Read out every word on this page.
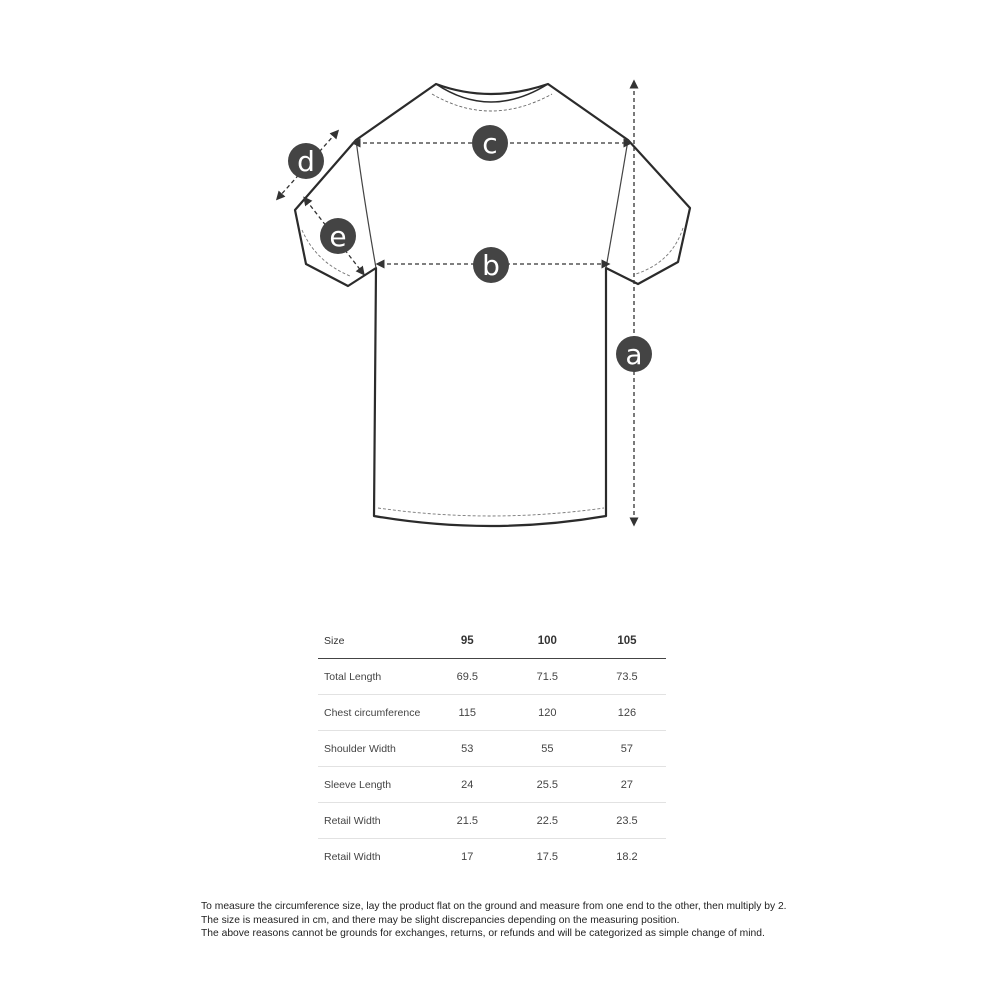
a
b
c
d
e
Size	95	100	105
Total Length	69.5	71.5	73.5
Chest circumference	115	120	126
Shoulder Width	53	55	57
Sleeve Length	24	25.5	27
Retail Width	21.5	22.5	23.5
Retail Width	17	17.5	18.2

To measure the circumference size, lay the product flat on the ground and measure from one end to the other, then multiply by 2.

The size is measured in cm, and there may be slight discrepancies depending on the measuring position.

The above reasons cannot be grounds for exchanges, returns, or refunds and will be categorized as simple change of mind.
